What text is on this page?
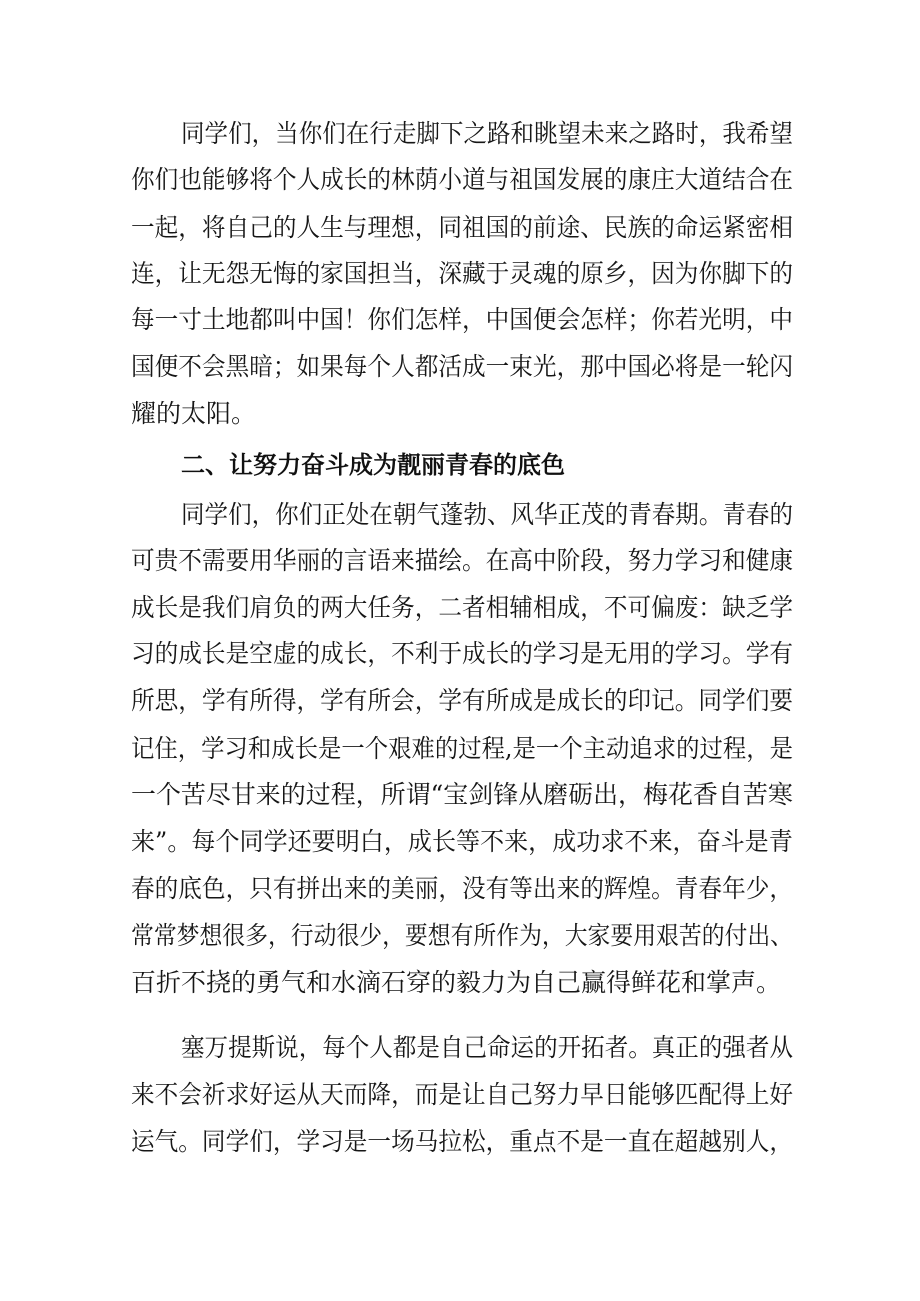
同学们，当你们在行走脚下之路和眺望未来之路时，我希望
你们也能够将个人成长的林荫小道与祖国发展的康庄大道结合在
一起，将自己的人生与理想，同祖国的前途、民族的命运紧密相
连，让无怨无悔的家国担当，深藏于灵魂的原乡，因为你脚下的
每一寸土地都叫中国！你们怎样，中国便会怎样；你若光明，中
国便不会黑暗；如果每个人都活成一束光，那中国必将是一轮闪
耀的太阳。
二、让努力奋斗成为靓丽青春的底色
同学们，你们正处在朝气蓬勃、风华正茂的青春期。青春的
可贵不需要用华丽的言语来描绘。在高中阶段，努力学习和健康
成长是我们肩负的两大任务，二者相辅相成，不可偏废：缺乏学
习的成长是空虚的成长，不利于成长的学习是无用的学习。学有
所思，学有所得，学有所会，学有所成是成长的印记。同学们要
记住，学习和成长是一个艰难的过程,是一个主动追求的过程，是
一个苦尽甘来的过程，所谓“宝剑锋从磨砺出，梅花香自苦寒
来”。每个同学还要明白，成长等不来，成功求不来，奋斗是青
春的底色，只有拼出来的美丽，没有等出来的辉煌。青春年少，
常常梦想很多，行动很少，要想有所作为，大家要用艰苦的付出、
百折不挠的勇气和水滴石穿的毅力为自己赢得鲜花和掌声。
塞万提斯说，每个人都是自己命运的开拓者。真正的强者从
来不会祈求好运从天而降，而是让自己努力早日能够匹配得上好
运气。同学们，学习是一场马拉松，重点不是一直在超越别人，
